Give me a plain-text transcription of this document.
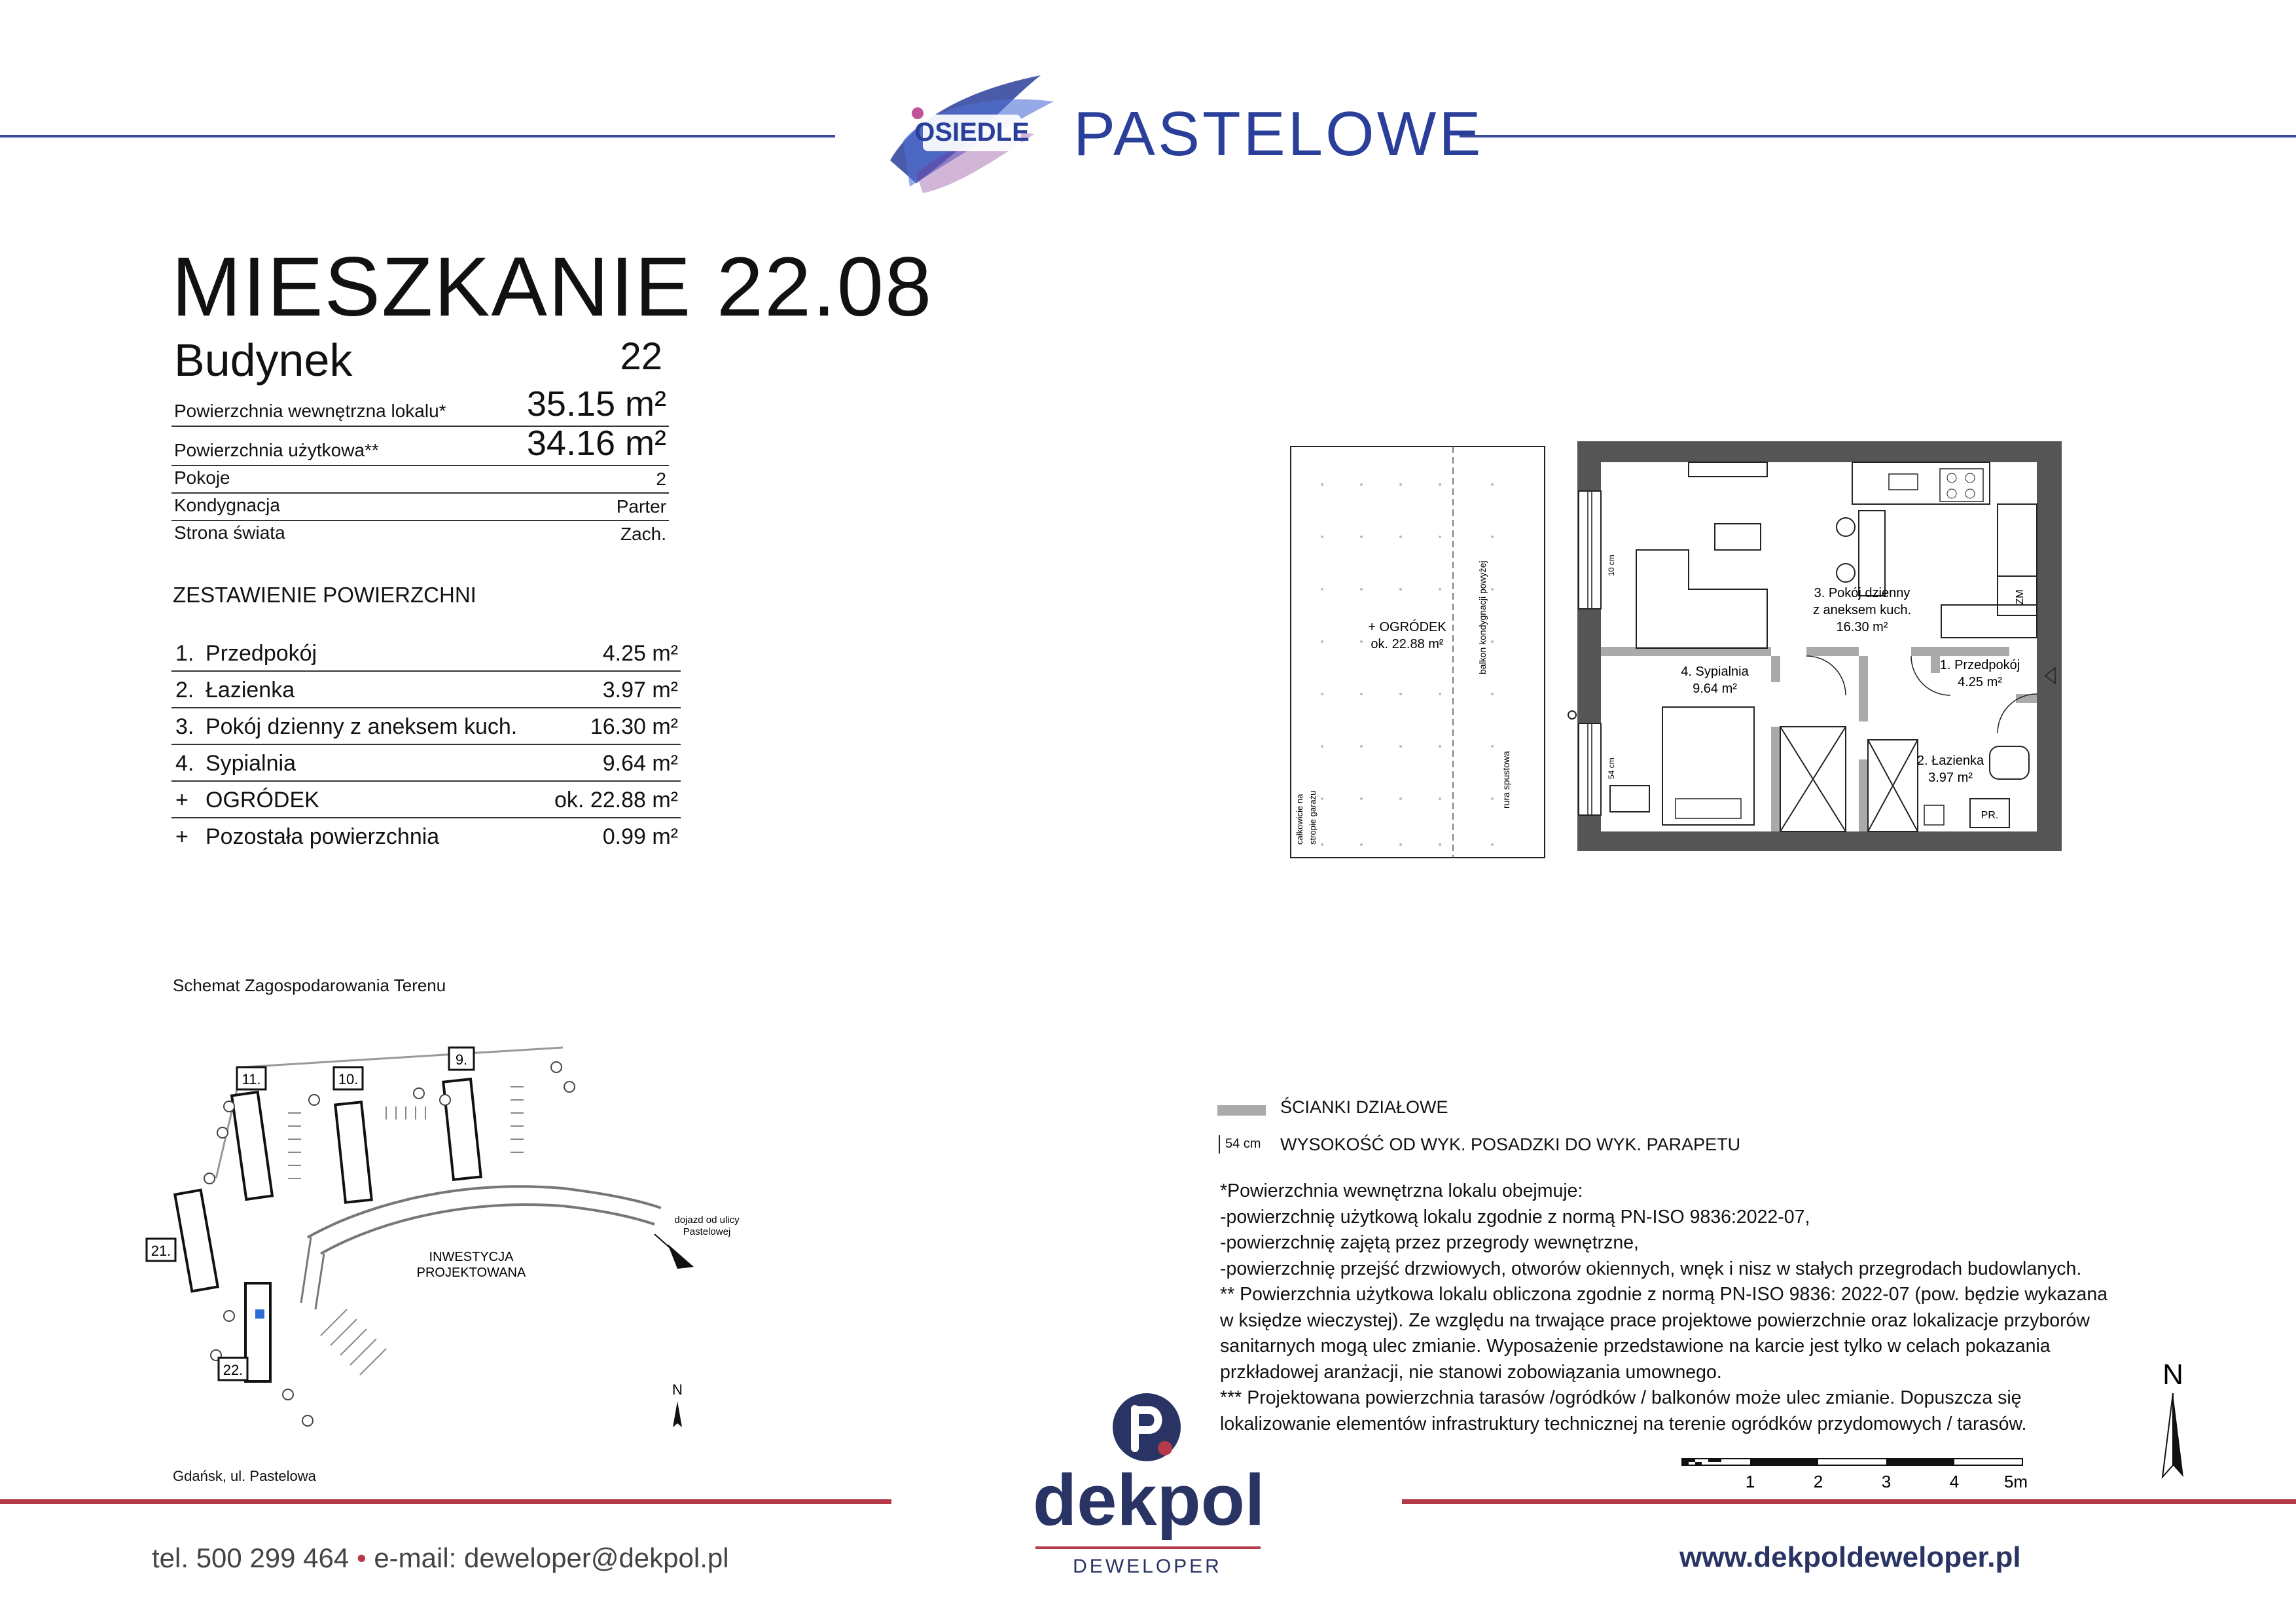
OSIEDLE PASTELOWE
MIESZKANIE 22.08
Budynek	22
Powierzchnia wewnętrzna lokalu* 35.15 m²
Powierzchnia użytkowa**	34.16 m²
Pokoje	2
Kondygnacja	Parter
Strona świata	Zach.
ZESTAWIENIE POWIERZCHNI
1. Przedpokój	4.25 m²
2. Łazienka	3.97 m²
3. Pokój dzienny z aneksem kuch.	16.30 m²
4. Sypialnia	9.64 m²
+ OGRÓDEK	ok. 22.88 m²
+ Pozostała powierzchnia	0.99 m²
Schemat Zagospodarowania Terenu
9.
10.
11.
21.
22.
INWESTYCJA
PROJEKTOWANA
dojazd od ulicy
Pastelowej
N
Gdańsk, ul. Pastelowa
ZM
PR.
+ OGRÓDEK
ok. 22.88 m²
3. Pokój dzienny
z aneksem kuch.
16.30 m²
4. Sypialnia
9.64 m²
1. Przedpokój
4.25 m²
2. Łazienka
3.97 m²
balkon kondygnacji powyżej
rura spustowa
całkowicie na stropie garażu
10 cm
54 cm
ŚCIANKI DZIAŁOWE
54 cm WYSOKOŚĆ OD WYK. POSADZKI DO WYK. PARAPETU
*Powierzchnia wewnętrzna lokalu obejmuje:
-powierzchnię użytkową lokalu zgodnie z normą PN-ISO 9836:2022-07,
-powierzchnię zajętą przez przegrody wewnętrzne,
-powierzchnię przejść drzwiowych, otworów okiennych, wnęk i nisz w stałych przegrodach budowlanych.
** Powierzchnia użytkowa lokalu obliczona zgodnie z normą PN-ISO 9836: 2022-07 (pow. będzie wykazana
w księdze wieczystej). Ze względu na trwające prace projektowe powierzchnie oraz lokalizacje przyborów
sanitarnych mogą ulec zmianie. Wyposażenie przedstawione na karcie jest tylko w celach pokazania
przkładowej aranżacji, nie stanowi zobowiązania umownego.
*** Projektowana powierzchnia tarasów /ogródków / balkonów może ulec zmianie. Dopuszcza się
lokalizowanie elementów infrastruktury technicznej na terenie ogródków przydomowych / tarasów.
N
1	2	3	4	5m
tel. 500 299 464 • e-mail: deweloper@dekpol.pl	www.dekpoldeweloper.pl
dekpol
DEWELOPER
